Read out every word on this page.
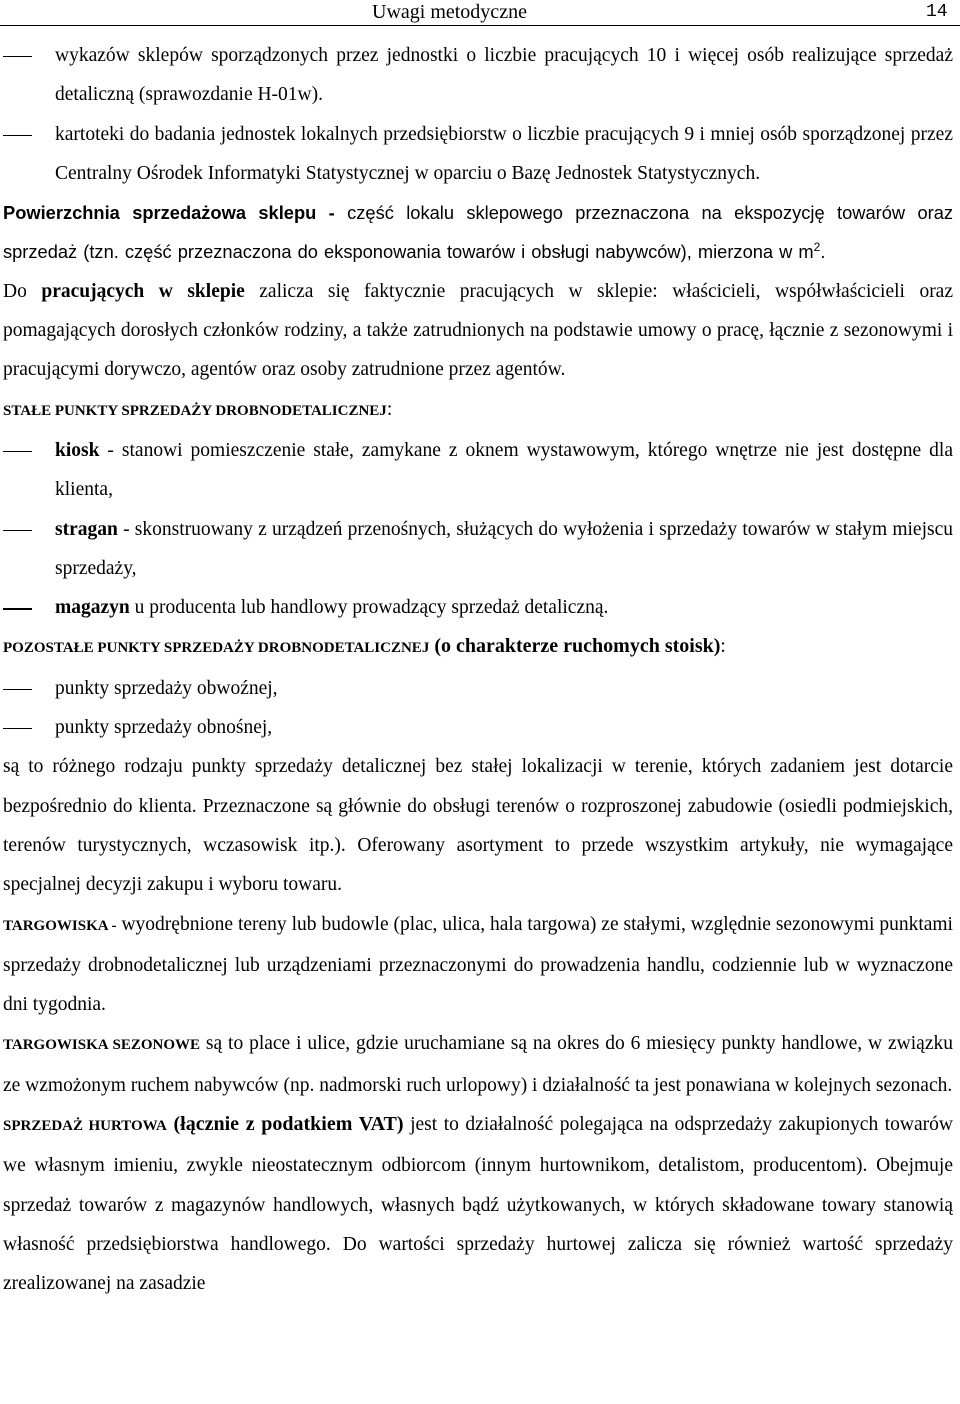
Uwagi metodyczne	14

wykazów sklepów sporządzonych przez jednostki o liczbie pracujących 10 i więcej osób realizujące sprzedaż detaliczną (sprawozdanie H-01w).

kartoteki do badania jednostek lokalnych przedsiębiorstw o liczbie pracujących 9 i mniej osób sporządzonej przez Centralny Ośrodek Informatyki Statystycznej w oparciu o Bazę Jednostek Statystycznych.

Powierzchnia sprzedażowa sklepu - część lokalu sklepowego przeznaczona na ekspozycję towarów oraz sprzedaż (tzn. część przeznaczona do eksponowania towarów i obsługi nabywców), mierzona w $m^2$.

Do pracujących w sklepie zalicza się faktycznie pracujących w sklepie: właścicieli, współwłaścicieli oraz pomagających dorosłych członków rodziny, a także zatrudnionych na podstawie umowy o pracę, łącznie z sezonowymi i pracującymi dorywczo, agentów oraz osoby zatrudnione przez agentów.

STAŁE PUNKTY SPRZEDAŻY DROBNODETALICZNEJ:

kiosk - stanowi pomieszczenie stałe, zamykane z oknem wystawowym, którego wnętrze nie jest dostępne dla klienta,

stragan - skonstruowany z urządzeń przenośnych, służących do wyłożenia i sprzedaży towarów w stałym miejscu sprzedaży,

magazyn u producenta lub handlowy prowadzący sprzedaż detaliczną.

POZOSTAŁE PUNKTY SPRZEDAŻY DROBNODETALICZNEJ (o charakterze ruchomych stoisk):

punkty sprzedaży obwoźnej,

punkty sprzedaży obnośnej,

są to różnego rodzaju punkty sprzedaży detalicznej bez stałej lokalizacji w terenie, których zadaniem jest dotarcie bezpośrednio do klienta. Przeznaczone są głównie do obsługi terenów o rozproszonej zabudowie (osiedli podmiejskich, terenów turystycznych, wczasowisk itp.). Oferowany asortyment to przede wszystkim artykuły, nie wymagające specjalnej decyzji zakupu i wyboru towaru.

TARGOWISKA - wyodrębnione tereny lub budowle (plac, ulica, hala targowa) ze stałymi, względnie sezonowymi punktami sprzedaży drobnodetalicznej lub urządzeniami przeznaczonymi do prowadzenia handlu, codziennie lub w wyznaczone dni tygodnia.

TARGOWISKA SEZONOWE są to place i ulice, gdzie uruchamiane są na okres do 6 miesięcy punkty handlowe, w związku ze wzmożonym ruchem nabywców (np. nadmorski ruch urlopowy) i działalność ta jest ponawiana w kolejnych sezonach.

SPRZEDAŻ HURTOWA (łącznie z podatkiem VAT) jest to działalność polegająca na odsprzedaży zakupionych towarów we własnym imieniu, zwykle nieostatecznym odbiorcom (innym hurtownikom, detalistom, producentom). Obejmuje sprzedaż towarów z magazynów handlowych, własnych bądź użytkowanych, w których składowane towary stanowią własność przedsiębiorstwa handlowego. Do wartości sprzedaży hurtowej zalicza się również wartość sprzedaży zrealizowanej na zasadzie
